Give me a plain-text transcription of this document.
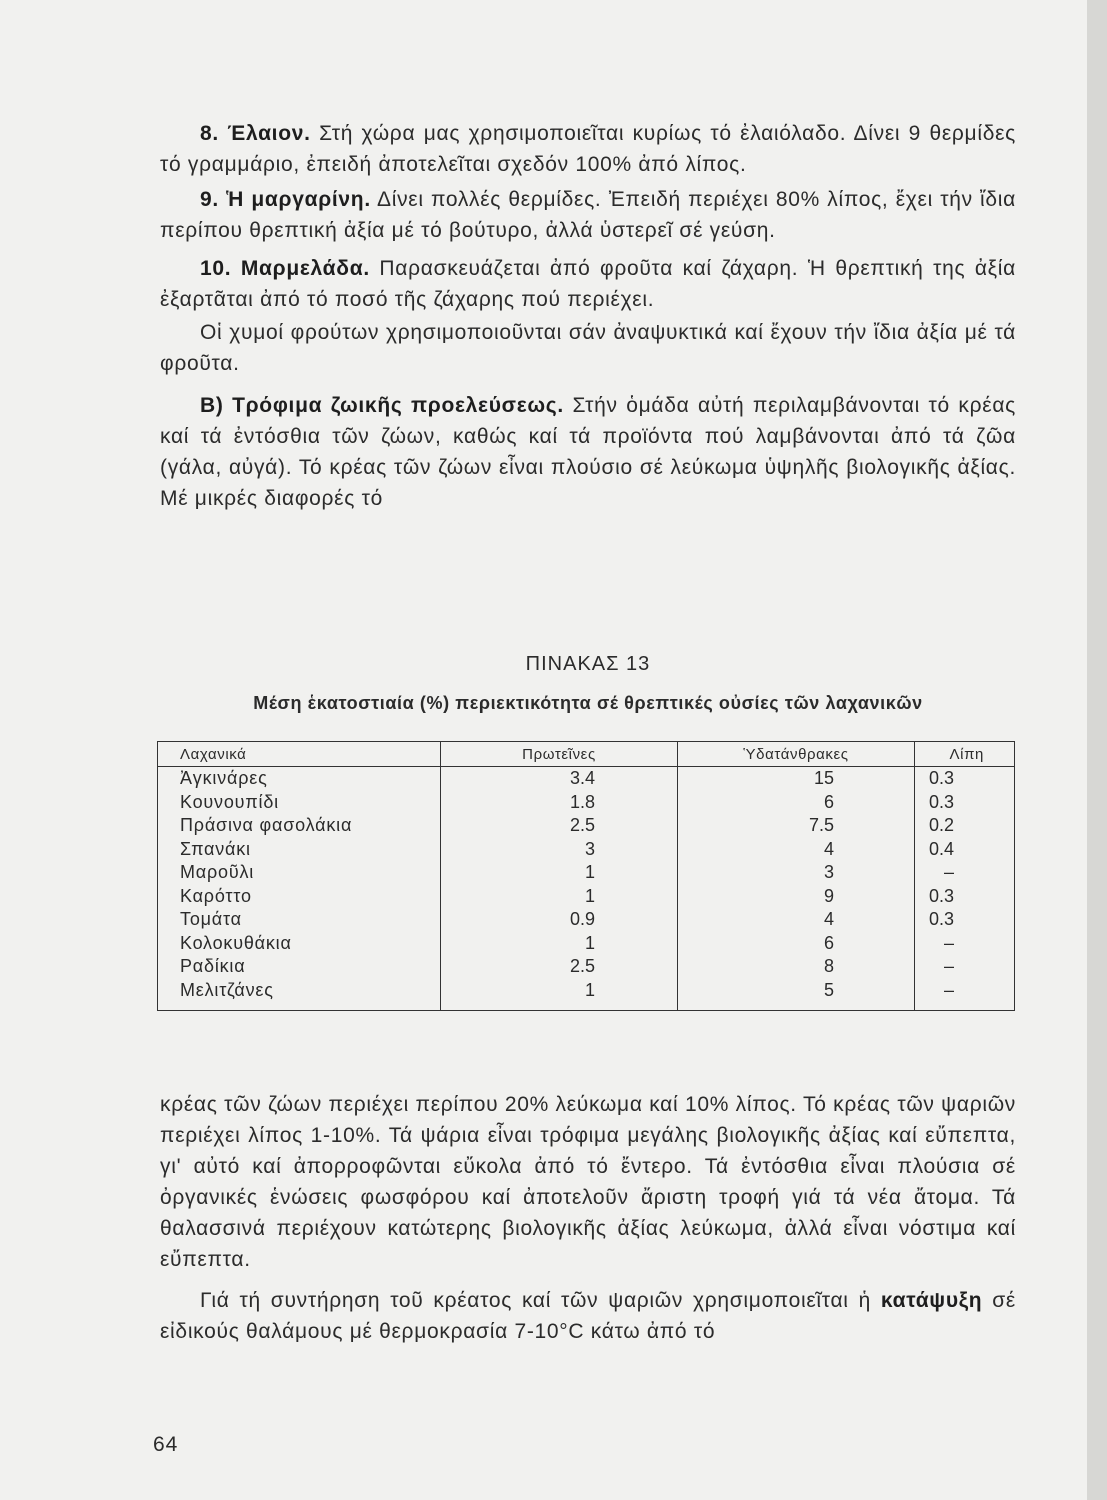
8. Έλαιον. Στή χώρα μας χρησιμοποιεῖται κυρίως τό ἐλαιόλαδο. Δίνει 9 θερμίδες τό γραμμάριο, ἐπειδή ἀποτελεῖται σχεδόν 100% ἀπό λίπος.

9. Ἡ μαργαρίνη. Δίνει πολλές θερμίδες. Ἐπειδή περιέχει 80% λίπος, ἔχει τήν ἴδια περίπου θρεπτική ἀξία μέ τό βούτυρο, ἀλλά ὑστερεῖ σέ γεύση.

10. Μαρμελάδα. Παρασκευάζεται ἀπό φροῦτα καί ζάχαρη. Ἡ θρεπτική της ἀξία ἐξαρτᾶται ἀπό τό ποσό τῆς ζάχαρης πού περιέχει.

Οἱ χυμοί φρούτων χρησιμοποιοῦνται σάν ἀναψυκτικά καί ἔχουν τήν ἴδια ἀξία μέ τά φροῦτα.

Β) Τρόφιμα ζωικῆς προελεύσεως. Στήν ὁμάδα αὐτή περιλαμβάνονται τό κρέας καί τά ἐντόσθια τῶν ζώων, καθώς καί τά προϊόντα πού λαμβάνονται ἀπό τά ζῶα (γάλα, αὐγά). Τό κρέας τῶν ζώων εἶναι πλούσιο σέ λεύκωμα ὑψηλῆς βιολογικῆς ἀξίας. Μέ μικρές διαφορές τό

ΠΙΝΑΚΑΣ 13
Μέση ἑκατοστιαία (%) περιεκτικότητα σέ θρεπτικές οὐσίες τῶν λαχανικῶν
Λαχανικά	Πρωτεῖνες	Ὑδατάνθρακες	Λίπη
Ἀγκινάρες	3.4	15	0.3
Κουνουπίδι	1.8	6	0.3
Πράσινα φασολάκια	2.5	7.5	0.2
Σπανάκι	3	4	0.4
Μαροῦλι	1	3	–
Καρόττο	1	9	0.3
Τομάτα	0.9	4	0.3
Κολοκυθάκια	1	6	–
Ραδίκια	2.5	8	–
Μελιτζάνες	1	5	–

κρέας τῶν ζώων περιέχει περίπου 20% λεύκωμα καί 10% λίπος. Τό κρέας τῶν ψαριῶν περιέχει λίπος 1-10%. Τά ψάρια εἶναι τρόφιμα μεγάλης βιολογικῆς ἀξίας καί εὔπεπτα, γι' αὐτό καί ἀπορροφῶνται εὔκολα ἀπό τό ἔντερο. Τά ἐντόσθια εἶναι πλούσια σέ ὀργανικές ἑνώσεις φωσφόρου καί ἀποτελοῦν ἄριστη τροφή γιά τά νέα ἄτομα. Τά θαλασσινά περιέχουν κατώτερης βιολογικῆς ἀξίας λεύκωμα, ἀλλά εἶναι νόστιμα καί εὔπεπτα.

Γιά τή συντήρηση τοῦ κρέατος καί τῶν ψαριῶν χρησιμοποιεῖται ἡ κατάψυξη σέ εἰδικούς θαλάμους μέ θερμοκρασία 7-10°C κάτω ἀπό τό

64
